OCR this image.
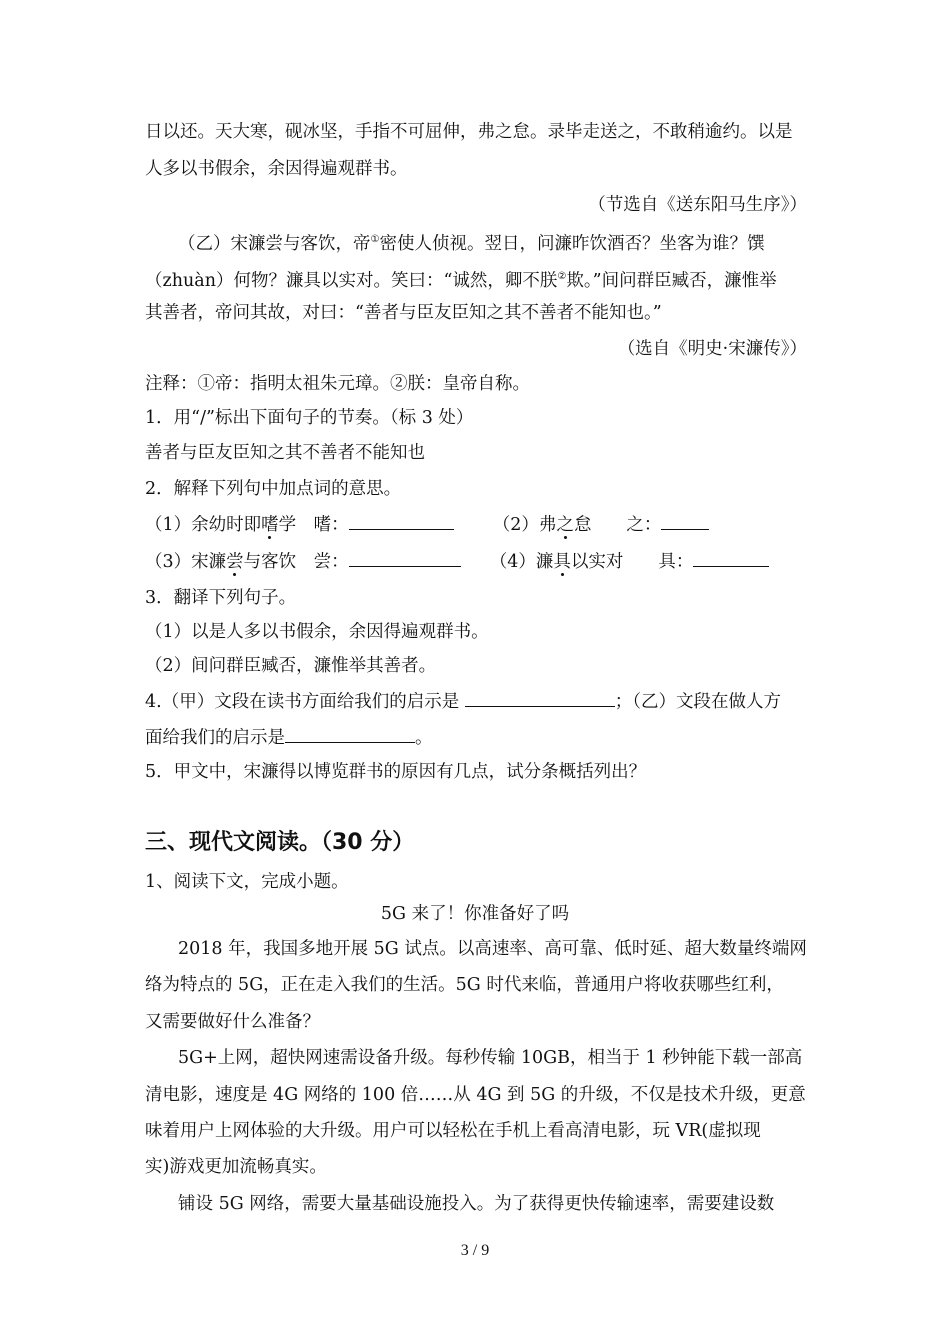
日以还。天大寒，砚冰坚，手指不可屈伸，弗之怠。录毕走送之，不敢稍逾约。以是
人多以书假余，余因得遍观群书。
（节选自《送东阳马生序》）
（乙）宋濂尝与客饮，帝①密使人侦视。翌日，问濂昨饮酒否？坐客为谁？馔
（zhuàn）何物？濂具以实对。笑曰：“诚然，卿不朕②欺。”间问群臣臧否，濂惟举
其善者，帝问其故，对曰：“善者与臣友臣知之其不善者不能知也。”
（选自《明史·宋濂传》）
注释：①帝：指明太祖朱元璋。②朕：皇帝自称。
1．用“/”标出下面句子的节奏。（标 3 处）
善者与臣友臣知之其不善者不能知也
2．解释下列句中加点词的意思。
（1）余幼时即嗜学　嗜：	（2）弗之怠　　之：
（3）宋濂尝与客饮　尝：	（4）濂具以实对　　具：
3．翻译下列句子。
（1）以是人多以书假余，余因得遍观群书。
（2）间问群臣臧否，濂惟举其善者。
4.（甲）文段在读书方面给我们的启示是	；（乙）文段在做人方
面给我们的启示是	。
5．甲文中，宋濂得以博览群书的原因有几点，试分条概括列出？
三、现代文阅读。（30 分）
1、阅读下文，完成小题。
5G 来了！你准备好了吗
2018 年，我国多地开展 5G 试点。以高速率、高可靠、低时延、超大数量终端网
络为特点的 5G，正在走入我们的生活。5G 时代来临，普通用户将收获哪些红利，
又需要做好什么准备？
5G+上网，超快网速需设备升级。每秒传输 10GB，相当于 1 秒钟能下载一部高
清电影，速度是 4G 网络的 100 倍……从 4G 到 5G 的升级，不仅是技术升级，更意
味着用户上网体验的大升级。用户可以轻松在手机上看高清电影，玩 VR(虚拟现
实)游戏更加流畅真实。
铺设 5G 网络，需要大量基础设施投入。为了获得更快传输速率，需要建设数
3 / 9
